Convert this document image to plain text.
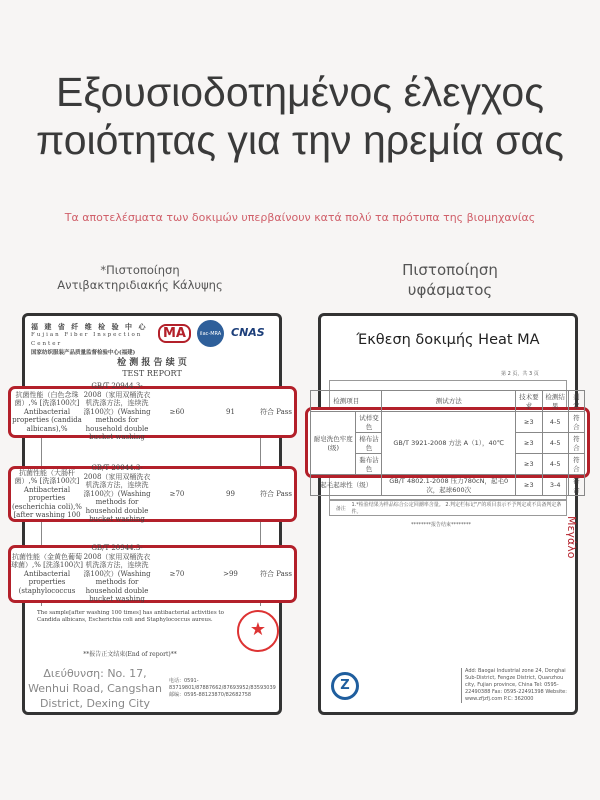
Εξουσιοδοτημένος έλεγχος
ποιότητας για την ηρεμία σας
Τα αποτελέσματα των δοκιμών υπερβαίνουν κατά πολύ τα πρότυπα της βιομηχανίας
*Πιστοποίηση
Αντιβακτηριδιακής Κάλυψης
Πιστοποίηση
υφάσματος
福 建 省 纤 维 检 验 中 心
Fujian Fiber Inspection Center
国家纺织服装产品质量监督检验中心(福建)
MA	ilac-MRA CNAS
检 测 报 告 续 页
TEST REPORT
The sample[after washing 100 times] has antibacterial activities to Candida albicans, Escherichia coli and Staphylococcus aureus.
**报告正文结束(End of report)**
★
Διεύθυνση: No. 17, Wenhui Road, Cangshan District, Dexing City
电话：0591-83719801/87887662/87693952/83593039 邮编：0595-88123870/82682758
抗菌性能（白色念珠菌）,% [洗涤100次] Antibacterial properties (candida albicans),%
GB/T 20944.3-2008（家用双桶洗衣机洗涤方法，连续洗涤100次）(Washing methods for household double bucket washing
≥60	91	符合 Pass
抗菌性能（大肠杆菌）,% [洗涤100次] Antibacterial properties (escherichia coli),% [after washing 100
GB/T 20944.3-2008（家用双桶洗衣机洗涤方法，连续洗涤100次）(Washing methods for household double bucket washing
≥70	99	符合 Pass
抗菌性能（金黄色葡萄球菌）,% [洗涤100次] Antibacterial properties (staphylococcus
GB/T 20944.3-2008（家用双桶洗衣机洗涤方法，连续洗涤100次）(Washing methods for household double bucket washing
≥70	>99	符合 Pass
Έκθεση δοκιμής Heat MA
第 2 页，共 3 页
备注
1.*检验结果为样品综合公定回潮率含量。 2.判定栏标记"/"的项目表示不予判定或不具备判定条件。
********报告结束********	Μεγάλο
Z
Add: Baogai Industrial zone 24, Donghai Sub-District, Fengze District, Quanzhou city, Fujian province, China Tel: 0595-22490388 Fax: 0595-22491398 Website: www.zfjzfj.com P.C: 362000
检测项目		测试方法	技术要求	检测结果	判定
耐皂洗色牢度(级)	试样变色	GB/T 3921-2008 方法 A（1），40℃	≥3	4-5	符合
	棉布沾色		≥3	4-5	符合
	黏布沾色		≥3	4-5	符合
起毛起球性（级）		GB/T 4802.1-2008 压力780cN，起毛0次，起球600次	≥3	3-4	符合
